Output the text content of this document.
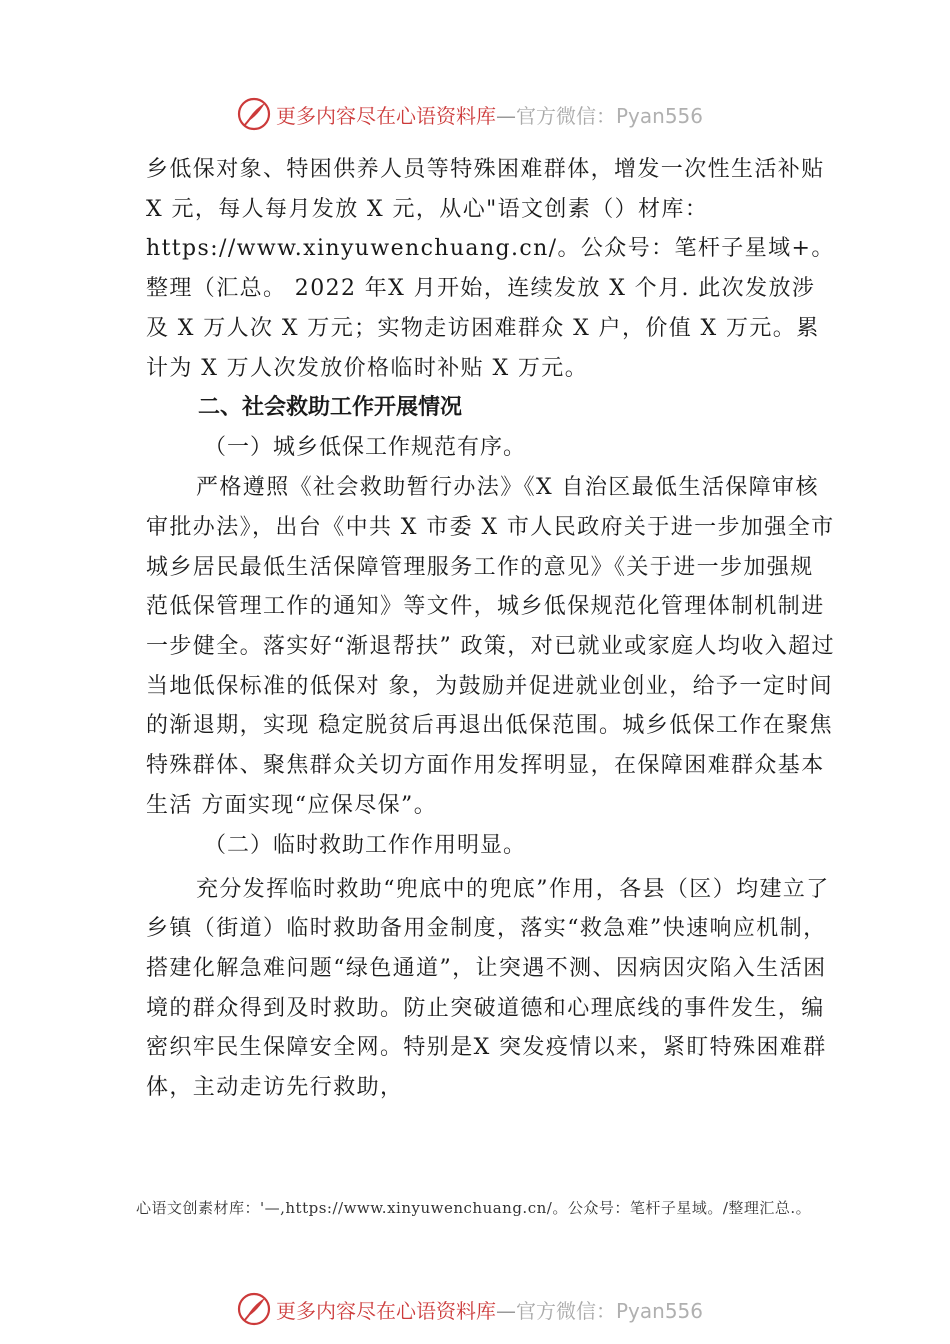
更多内容尽在心语资料库—官方微信：Pyan556

乡低保对象、特困供养人员等特殊困难群体，增发一次性生活补贴 X 元，每人每月发放 X 元，从心"语文创素（）材库：https://www.xinyuwenchuang.cn/。公众号：笔杆子星域+。整理（汇总。 2022 年X 月开始，连续发放 X 个月. 此次发放涉及 X 万人次 X 万元；实物走访困难群众 X 户，价值 X 万元。累计为 X 万人次发放价格临时补贴 X 万元。

二、社会救助工作开展情况

（一）城乡低保工作规范有序。

严格遵照《社会救助暂行办法》《X 自治区最低生活保障审核审批办法》，出台《中共 X 市委 X 市人民政府关于进一步加强全市城乡居民最低生活保障管理服务工作的意见》《关于进一步加强规范低保管理工作的通知》等文件，城乡低保规范化管理体制机制进一步健全。落实好“渐退帮扶” 政策，对已就业或家庭人均收入超过当地低保标准的低保对 象，为鼓励并促进就业创业，给予一定时间的渐退期，实现 稳定脱贫后再退出低保范围。城乡低保工作在聚焦特殊群体、聚焦群众关切方面作用发挥明显，在保障困难群众基本生活 方面实现“应保尽保”。

（二）临时救助工作作用明显。

充分发挥临时救助“兜底中的兜底”作用，各县（区）均建立了乡镇（街道）临时救助备用金制度，落实“救急难”快速响应机制，搭建化解急难问题“绿色通道”，让突遇不测、因病因灾陷入生活困境的群众得到及时救助。防止突破道德和心理底线的事件发生，编密织牢民生保障安全网。特别是X 突发疫情以来，紧盯特殊困难群体，主动走访先行救助，

心语文创素材库：'—,https://www.xinyuwenchuang.cn/。公众号：笔杆子星域。/整理汇总.。
更多内容尽在心语资料库—官方微信：Pyan556
